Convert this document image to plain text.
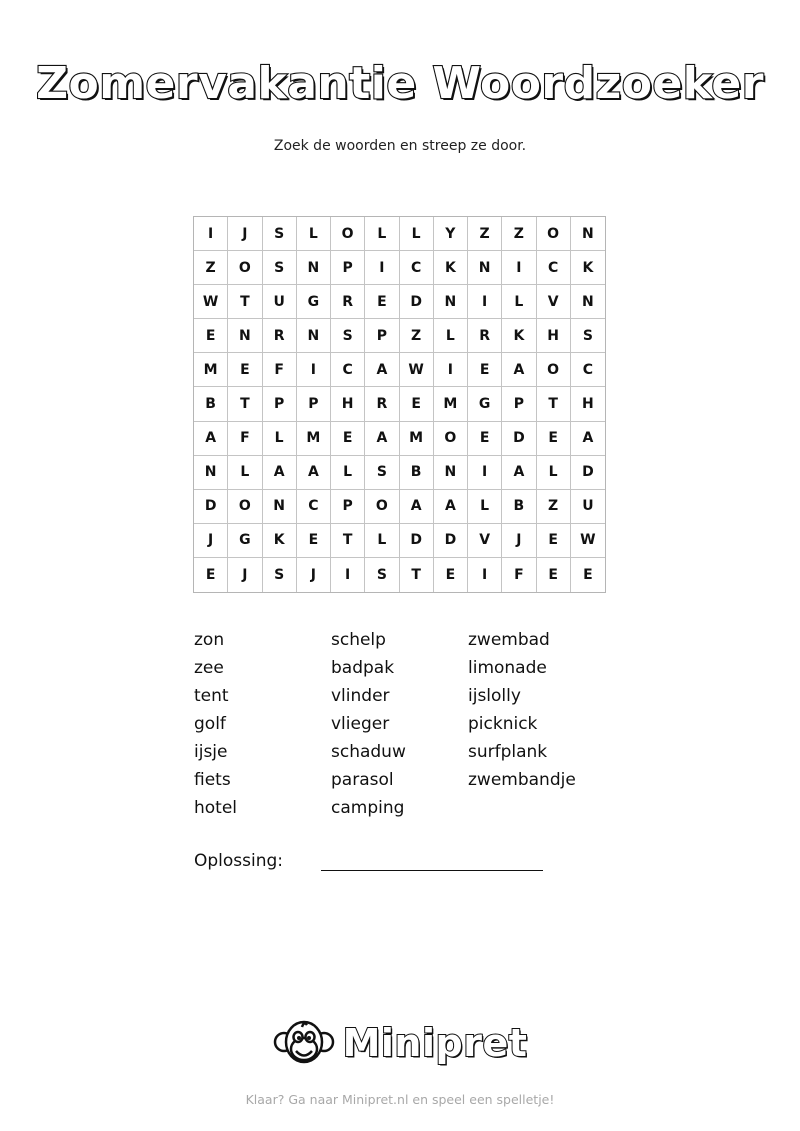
Zomervakantie Woordzoeker
Zoek de woorden en streep ze door.
I	J	S	L	O	L	L	Y	Z	Z	O	N
Z	O	S	N	P	I	C	K	N	I	C	K
W	T	U	G	R	E	D	N	I	L	V	N
E	N	R	N	S	P	Z	L	R	K	H	S
M	E	F	I	C	A	W	I	E	A	O	C
B	T	P	P	H	R	E	M	G	P	T	H
A	F	L	M	E	A	M	O	E	D	E	A
N	L	A	A	L	S	B	N	I	A	L	D
D	O	N	C	P	O	A	A	L	B	Z	U
J	G	K	E	T	L	D	D	V	J	E	W
E	J	S	J	I	S	T	E	I	F	E	E
zon
zee
tent
golf
ijsje
fiets
hotel
schelp
badpak
vlinder
vlieger
schaduw
parasol
camping
zwembad
limonade
ijslolly
picknick
surfplank
zwembandje
Oplossing:
Minipret
Klaar? Ga naar Minipret.nl en speel een spelletje!
